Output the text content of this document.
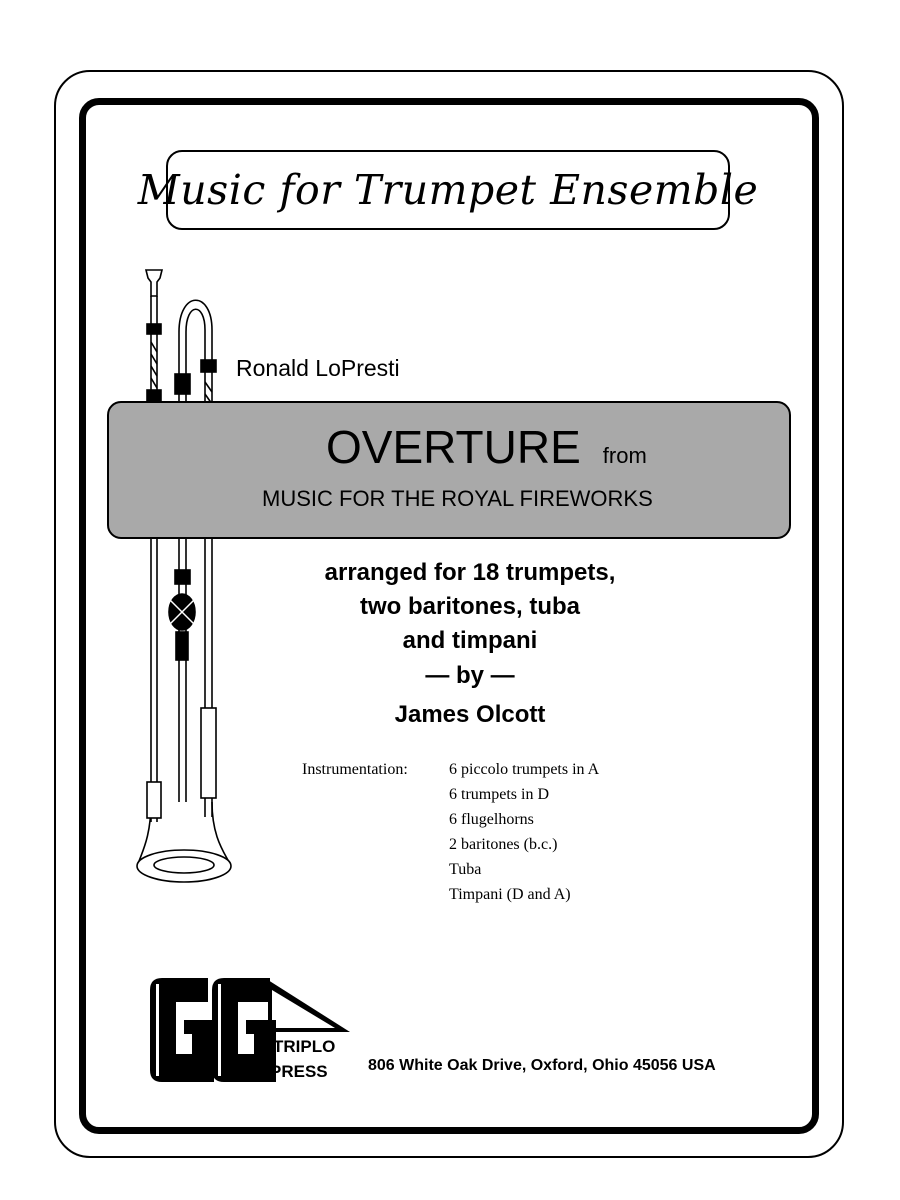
Music for Trumpet Ensemble
Ronald LoPresti
OVERTURE from
MUSIC FOR THE ROYAL FIREWORKS
arranged for 18 trumpets,
two baritones, tuba
and timpani
— by —
James Olcott
Instrumentation:	6 piccolo trumpets in A
6 trumpets in D
6 flugelhorns
2 baritones (b.c.)
Tuba
Timpani (D and A)
TRIPLO
PRESS	806 White Oak Drive, Oxford, Ohio 45056 USA
